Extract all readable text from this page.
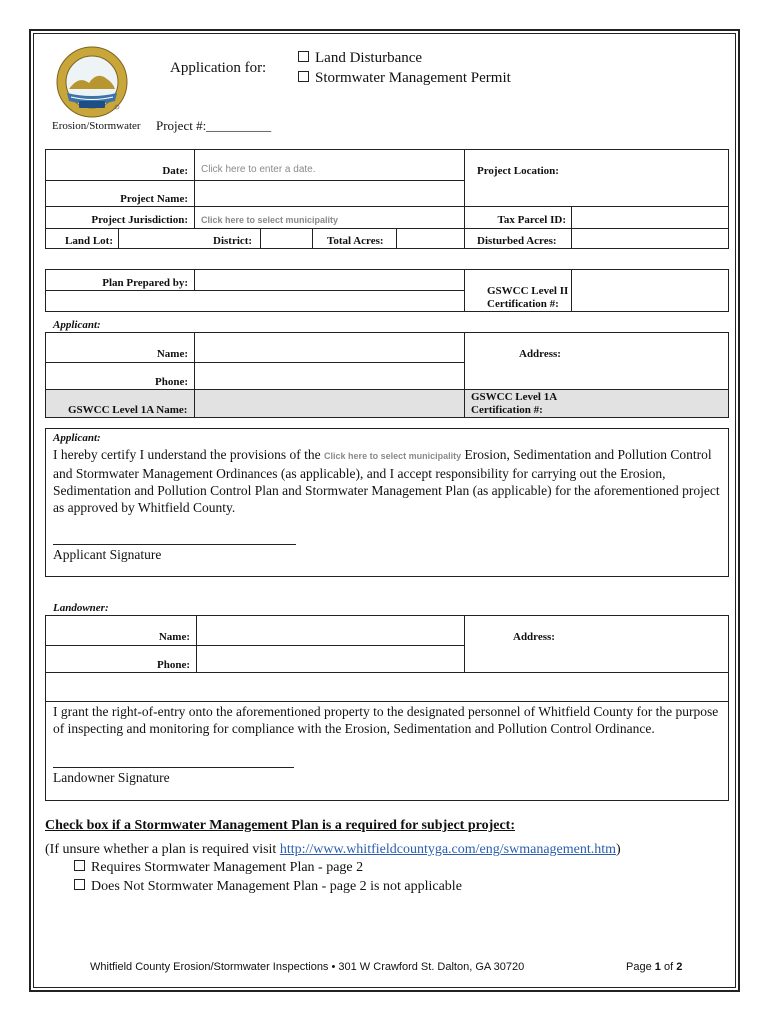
Erosion/Stormwater
Application for:
Land Disturbance
Stormwater Management Permit
Project #:__________
Date: Click here to enter a date.	Project Location:
Project Name:
Project Jurisdiction: Click here to select municipality	Tax Parcel ID:
Land Lot:	District:	Total Acres:	Disturbed Acres:
Plan Prepared by:
GSWCC Level II
Certification #:
Applicant:
Name:	Address:
Phone:
GSWCC Level 1A Name:
GSWCC Level 1A
Certification #:
Applicant:
I hereby certify I understand the provisions of the Click here to select municipality Erosion, Sedimentation and Pollution Control and Stormwater Management Ordinances (as applicable), and I accept responsibility for carrying out the Erosion, Sedimentation and Pollution Control Plan and Stormwater Management Plan (as applicable) for the aforementioned project as approved by Whitfield County.
Applicant Signature
Landowner:
Name:	Address:
Phone:
I grant the right-of-entry onto the aforementioned property to the designated personnel of Whitfield County for the purpose of inspecting and monitoring for compliance with the Erosion, Sedimentation and Pollution Control Ordinance.
Landowner Signature
Check box if a Stormwater Management Plan is a required for subject project:
(If unsure whether a plan is required visit http://www.whitfieldcountyga.com/eng/swmanagement.htm)
Requires Stormwater Management Plan - page 2
Does Not Stormwater Management Plan - page 2 is not applicable
Whitfield County Erosion/Stormwater Inspections • 301 W Crawford St. Dalton, GA 30720	Page 1 of 2
